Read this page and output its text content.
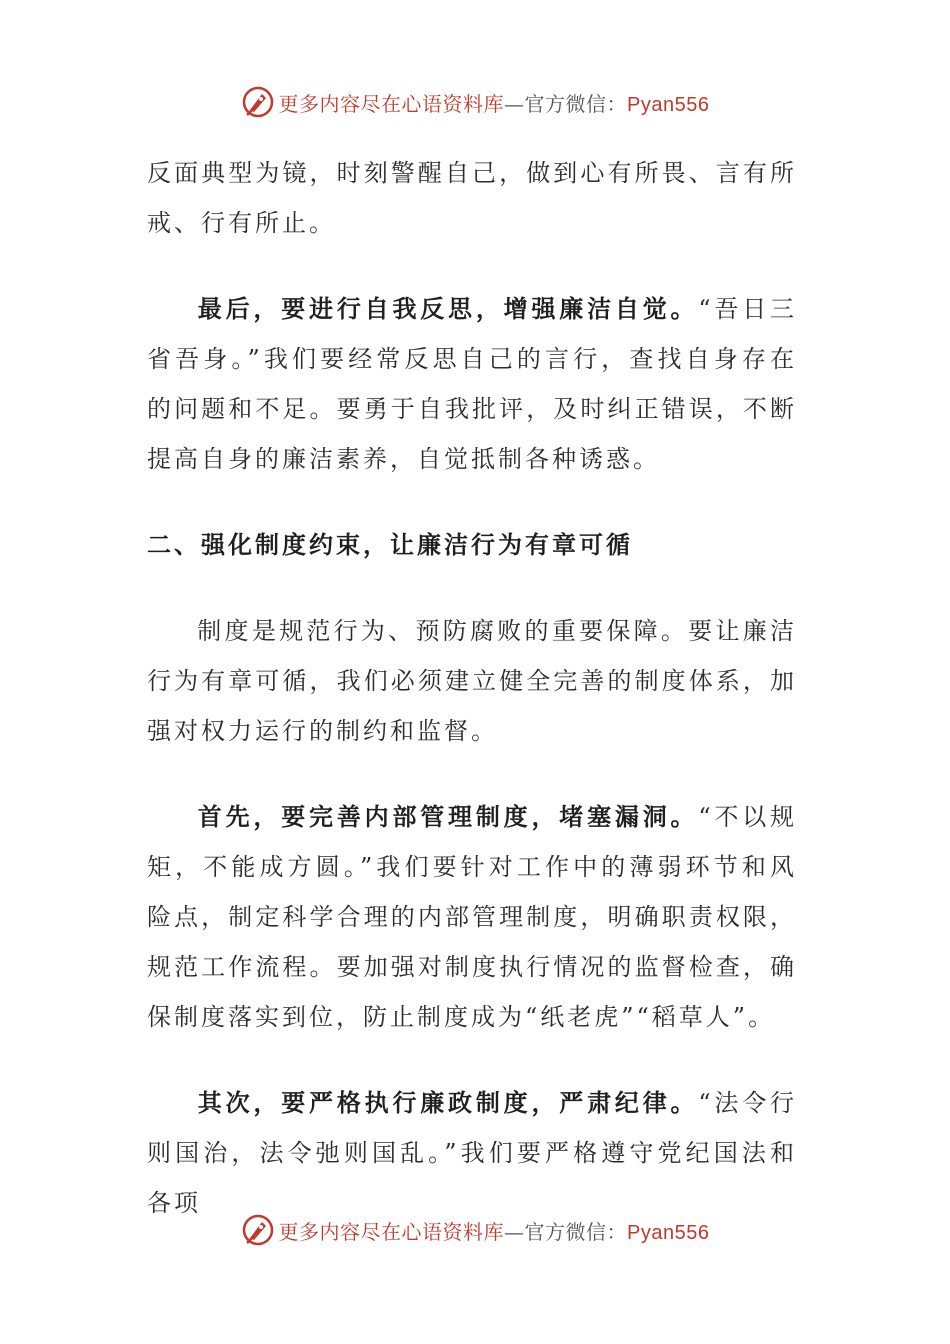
更多内容尽在心语资料库—官方微信：Pyan556

反面典型为镜，时刻警醒自己，做到心有所畏、言有所戒、行有所止。

最后，要进行自我反思，增强廉洁自觉。“吾日三省吾身。”我们要经常反思自己的言行，查找自身存在的问题和不足。要勇于自我批评，及时纠正错误，不断提高自身的廉洁素养，自觉抵制各种诱惑。

二、强化制度约束，让廉洁行为有章可循

制度是规范行为、预防腐败的重要保障。要让廉洁行为有章可循，我们必须建立健全完善的制度体系，加强对权力运行的制约和监督。

首先，要完善内部管理制度，堵塞漏洞。“不以规矩，不能成方圆。”我们要针对工作中的薄弱环节和风险点，制定科学合理的内部管理制度，明确职责权限，规范工作流程。要加强对制度执行情况的监督检查，确保制度落实到位，防止制度成为“纸老虎”“稻草人”。

其次，要严格执行廉政制度，严肃纪律。“法令行则国治，法令弛则国乱。”我们要严格遵守党纪国法和各项

更多内容尽在心语资料库—官方微信：Pyan556
